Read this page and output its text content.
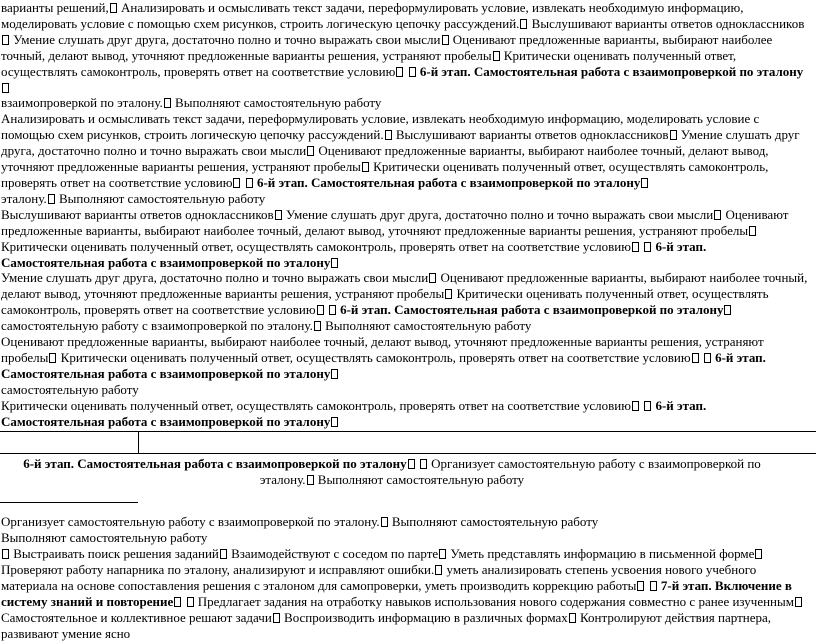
варианты решений, Анализировать и осмысливать текст задачи, переформулировать условие, извлекать необходимую информацию, моделировать условие с помощью схем рисунков, строить логическую цепочку рассуждений. Выслушивают варианты ответов одноклассников Умение слушать друг друга, достаточно полно и точно выражать свои мысли Оценивают предложенные варианты, выбирают наиболее точный, делают вывод, уточняют предложенные варианты решения, устраняют пробелы Критически оценивать полученный ответ, осуществлять самоконтроль, проверять ответ на соответствие условию 6-й этап. Самостоятельная работа с взаимопроверкой по эталону

взаимопроверкой по эталону. Выполняют самостоятельную работу

Анализировать и осмысливать текст задачи, переформулировать условие, извлекать необходимую информацию, моделировать условие с помощью схем рисунков, строить логическую цепочку рассуждений. Выслушивают варианты ответов одноклассников Умение слушать друг друга, достаточно полно и точно выражать свои мысли Оценивают предложенные варианты, выбирают наиболее точный, делают вывод, уточняют предложенные варианты решения, устраняют пробелы Критически оценивать полученный ответ, осуществлять самоконтроль, проверять ответ на соответствие условию 6-й этап. Самостоятельная работа с взаимопроверкой по эталону

эталону. Выполняют самостоятельную работу

Выслушивают варианты ответов одноклассников Умение слушать друг друга, достаточно полно и точно выражать свои мысли Оценивают предложенные варианты, выбирают наиболее точный, делают вывод, уточняют предложенные варианты решения, устраняют пробелы Критически оценивать полученный ответ, осуществлять самоконтроль, проверять ответ на соответствие условию 6-й этап. Самостоятельная работа с взаимопроверкой по эталону

Умение слушать друг друга, достаточно полно и точно выражать свои мысли Оценивают предложенные варианты, выбирают наиболее точный, делают вывод, уточняют предложенные варианты решения, устраняют пробелы Критически оценивать полученный ответ, осуществлять самоконтроль, проверять ответ на соответствие условию 6-й этап. Самостоятельная работа с взаимопроверкой по эталону

самостоятельную работу с взаимопроверкой по эталону. Выполняют самостоятельную работу

Оценивают предложенные варианты, выбирают наиболее точный, делают вывод, уточняют предложенные варианты решения, устраняют пробелы Критически оценивать полученный ответ, осуществлять самоконтроль, проверять ответ на соответствие условию 6-й этап. Самостоятельная работа с взаимопроверкой по эталону

самостоятельную работу

Критически оценивать полученный ответ, осуществлять самоконтроль, проверять ответ на соответствие условию 6-й этап. Самостоятельная работа с взаимопроверкой по эталону

6-й этап. Самостоятельная работа с взаимопроверкой по эталону Организует самостоятельную работу с взаимопроверкой по эталону. Выполняют самостоятельную работу

Организует самостоятельную работу с взаимопроверкой по эталону. Выполняют самостоятельную работу

Выполняют самостоятельную работу

Выстраивать поиск решения заданий Взаимодействуют с соседом по парте Уметь представлять информацию в письменной форме Проверяют работу напарника по эталону, анализируют и исправляют ошибки. уметь анализировать степень усвоения нового учебного материала на основе сопоставления решения с эталоном для самопроверки, уметь производить коррекцию работы 7-й этап. Включение в систему знаний и повторение Предлагает задания на отработку навыков использования нового содержания совместно с ранее изученным Самостоятельное и коллективное решают задачи Воспроизводить информацию в различных формах Контролируют действия партнера, развивают умение ясно
